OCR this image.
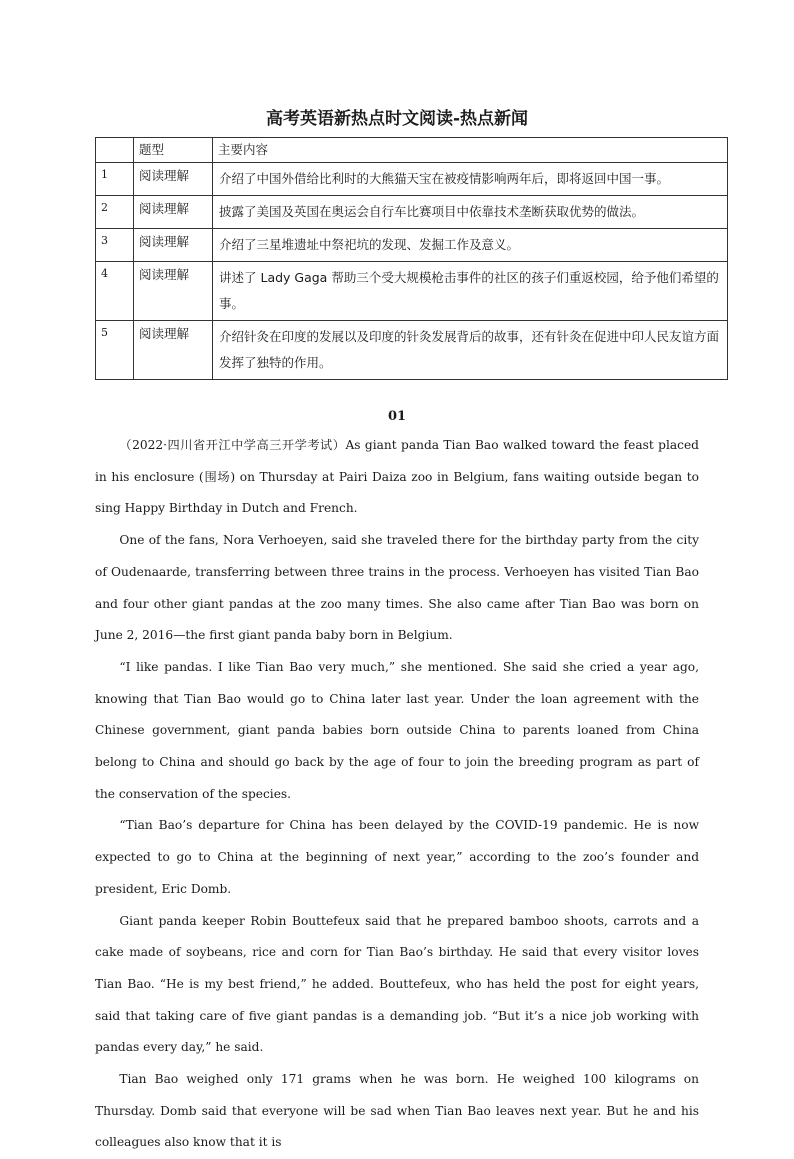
高考英语新热点时文阅读-热点新闻
	题型	主要内容
1	阅读理解	介绍了中国外借给比利时的大熊猫天宝在被疫情影响两年后，即将返回中国一事。
2	阅读理解	披露了美国及英国在奥运会自行车比赛项目中依靠技术垄断获取优势的做法。
3	阅读理解	介绍了三星堆遗址中祭祀坑的发现、发掘工作及意义。
4	阅读理解	讲述了 Lady Gaga 帮助三个受大规模枪击事件的社区的孩子们重返校园，给予他们希望的事。
5	阅读理解	介绍针灸在印度的发展以及印度的针灸发展背后的故事，还有针灸在促进中印人民友谊方面发挥了独特的作用。
01

（2022·四川省开江中学高三开学考试）As giant panda Tian Bao walked toward the feast placed in his enclosure (围场) on Thursday at Pairi Daiza zoo in Belgium, fans waiting outside began to sing Happy Birthday in Dutch and French.

One of the fans, Nora Verhoeyen, said she traveled there for the birthday party from the city of Oudenaarde, transferring between three trains in the process. Verhoeyen has visited Tian Bao and four other giant pandas at the zoo many times. She also came after Tian Bao was born on June 2, 2016—the first giant panda baby born in Belgium.

“I like pandas. I like Tian Bao very much,” she mentioned. She said she cried a year ago, knowing that Tian Bao would go to China later last year. Under the loan agreement with the Chinese government, giant panda babies born outside China to parents loaned from China belong to China and should go back by the age of four to join the breeding program as part of the conservation of the species.

“Tian Bao’s departure for China has been delayed by the COVID-19 pandemic. He is now expected to go to China at the beginning of next year,” according to the zoo’s founder and president, Eric Domb.

Giant panda keeper Robin Bouttefeux said that he prepared bamboo shoots, carrots and a cake made of soybeans, rice and corn for Tian Bao’s birthday. He said that every visitor loves Tian Bao. “He is my best friend,” he added. Bouttefeux, who has held the post for eight years, said that taking care of five giant pandas is a demanding job. “But it’s a nice job working with pandas every day,” he said.

Tian Bao weighed only 171 grams when he was born. He weighed 100 kilograms on Thursday. Domb said that everyone will be sad when Tian Bao leaves next year. But he and his colleagues also know that it is
